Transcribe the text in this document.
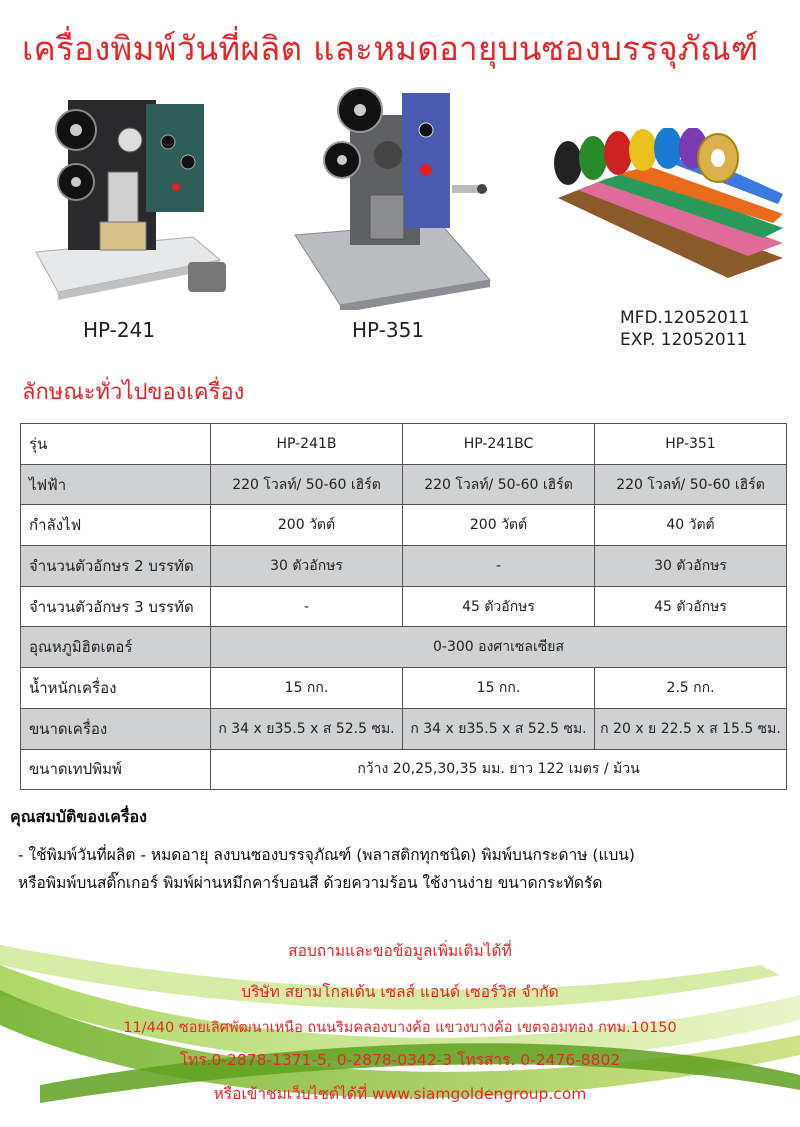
เครื่องพิมพ์วันที่ผลิต และหมดอายุบนซองบรรจุภัณฑ์
HP-241	HP-351	MFD.12052011
EXP. 12052011
ลักษณะทั่วไปของเครื่อง
รุ่น	HP-241B	HP-241BC	HP-351
ไฟฟ้า	220 โวลท์/ 50-60 เฮิร์ต	220 โวลท์/ 50-60 เฮิร์ต	220 โวลท์/ 50-60 เฮิร์ต
กำลังไฟ	200 วัตต์	200 วัตต์	40 วัตต์
จำนวนตัวอักษร 2 บรรทัด	30 ตัวอักษร	-	30 ตัวอักษร
จำนวนตัวอักษร 3 บรรทัด	-	45 ตัวอักษร	45 ตัวอักษร
อุณหภูมิฮิตเตอร์	0-300 องศาเซลเซียส		
น้ำหนักเครื่อง	15 กก.	15 กก.	2.5 กก.
ขนาดเครื่อง	ก 34 x ย35.5 x ส 52.5 ซม.	ก 34 x ย35.5 x ส 52.5 ซม.	ก 20 x ย 22.5 x ส 15.5 ซม.
ขนาดเทปพิมพ์	กว้าง 20,25,30,35 มม. ยาว 122 เมตร / ม้วน		
คุณสมบัติของเครื่อง
- ใช้พิมพ์วันที่ผลิต - หมดอายุ ลงบนซองบรรจุภัณฑ์ (พลาสติกทุกชนิด) พิมพ์บนกระดาษ (แบน)
หรือพิมพ์บนสติ๊กเกอร์ พิมพ์ผ่านหมึกคาร์บอนสี ด้วยความร้อน ใช้งานง่าย ขนาดกระทัดรัด
สอบถามและขอข้อมูลเพิ่มเติมได้ที่
บริษัท สยามโกลเด้น เซลส์ แอนด์ เซอร์วิส จำกัด
11/440 ซอยเลิศพัฒนาเหนือ ถนนริมคลองบางค้อ แขวงบางค้อ เขตจอมทอง กทม.10150
โทร.0-2878-1371-5, 0-2878-0342-3 โทรสาร. 0-2476-8802
หรือเข้าชมเว็บไซต์ได้ที่ www.siamgoldengroup.com
